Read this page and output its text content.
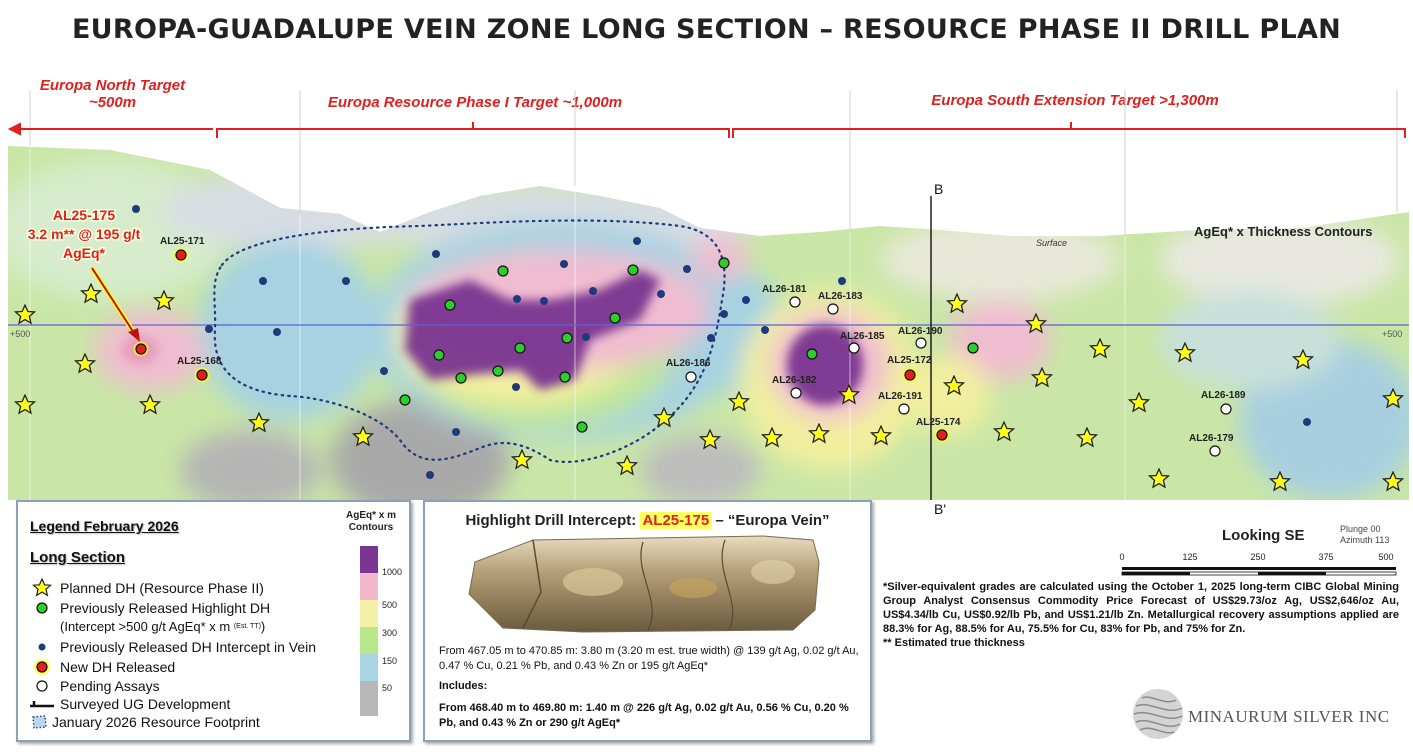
EUROPA-GUADALUPE VEIN ZONE LONG SECTION – RESOURCE PHASE II DRILL PLAN
Europa North Target
~500m	Europa Resource Phase I Target ~1,000m	Europa South Extension Target >1,300m
+500	+500
Surface
AgEq* x Thickness Contours
B
B'
AL25-171
AL25-168
AL26-181
AL26-183
AL26-185 AL26-190
AL26-186	AL25-172
AL26-182
AL26-191
AL25-174
AL26-189
AL26-179
AL25-175
3.2 m** @ 195 g/t
AgEq*
Looking SE	Plunge 00
Azimuth 113
0	125	250	375	500
Legend February 2026
Long Section
Planned DH (Resource Phase II)
Previously Released Highlight DH
(Intercept >500 g/t AgEq* x m
(Est. TT) )
Previously Released DH Intercept in Vein
New DH Released
Pending Assays
Surveyed UG Development
January 2026 Resource Footprint
AgEq* x m
Contours
1000
500
300
150
50
Highlight Drill Intercept: AL25-175 – “Europa Vein”
From 467.05 m to 470.85 m: 3.80 m (3.20 m est. true width) @ 139 g/t Ag, 0.02 g/t Au, 0.47 % Cu, 0.21 % Pb, and 0.43 % Zn or 195 g/t AgEq*
Includes:
From 468.40 m to 469.80 m: 1.40 m @ 226 g/t Ag, 0.02 g/t Au, 0.56 % Cu, 0.20 % Pb, and 0.43 % Zn or 290 g/t AgEq*
*Silver-equivalent grades are calculated using the October 1, 2025 long-term CIBC Global Mining Group Analyst Consensus Commodity Price Forecast of US$29.73/oz Ag, US$2,646/oz Au, US$4.34/lb Cu, US$0.92/lb Pb, and US$1.21/lb Zn. Metallurgical recovery assumptions applied are 88.3% for Ag, 88.5% for Au, 75.5% for Cu, 83% for Pb, and 75% for Zn.
** Estimated true thickness
MINAURUM SILVER INC
